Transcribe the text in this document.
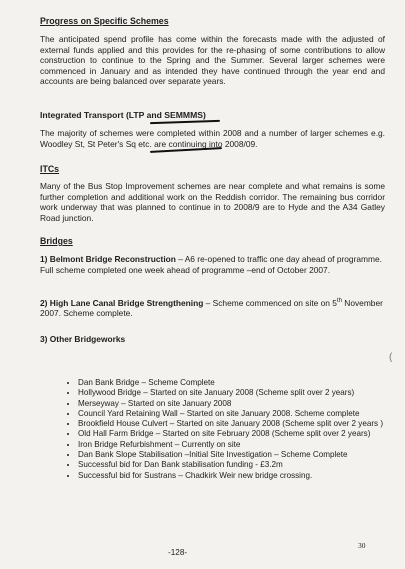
Progress on Specific Schemes
The anticipated spend profile has come within the forecasts made with the adjusted of external funds applied and this provides for the re-phasing of some contributions to allow construction to continue to the Spring and the Summer. Several larger schemes were commenced in January and as intended they have continued through the year end and accounts are being balanced over separate years.
Integrated Transport (LTP and SEMMMS)
The majority of schemes were completed within 2008 and a number of larger schemes e.g. Woodley St, St Peter's Sq etc. are continuing into 2008/09.
ITCs
Many of the Bus Stop Improvement schemes are near complete and what remains is some further completion and additional work on the Reddish corridor. The remaining bus corridor work underway that was planned to continue in to 2008/9 are to Hyde and the A34 Gatley Road junction.
Bridges
1) Belmont Bridge Reconstruction – A6 re-opened to traffic one day ahead of programme. Full scheme completed one week ahead of programme –end of October 2007.
2) High Lane Canal Bridge Strengthening – Scheme commenced on site on 5th November 2007. Scheme complete.
3) Other Bridgeworks
• Dan Bank Bridge – Scheme Complete
• Hollywood Bridge – Started on site January 2008 (Scheme split over 2 years)
• Merseyway – Started on site January 2008
• Council Yard Retaining Wall – Started on site January 2008. Scheme complete
• Brookfield House Culvert – Started on site January 2008 (Scheme split over 2 years )
• Old Hall Farm Bridge – Started on site February 2008 (Scheme split over 2 years)
• Iron Bridge Refurbishment – Currently on site
• Dan Bank Slope Stabilisation –Initial Site Investigation – Scheme Complete
• Successful bid for Dan Bank stabilisation funding - £3.2m
• Successful bid for Sustrans – Chadkirk Weir new bridge crossing.
-128-
30
(
